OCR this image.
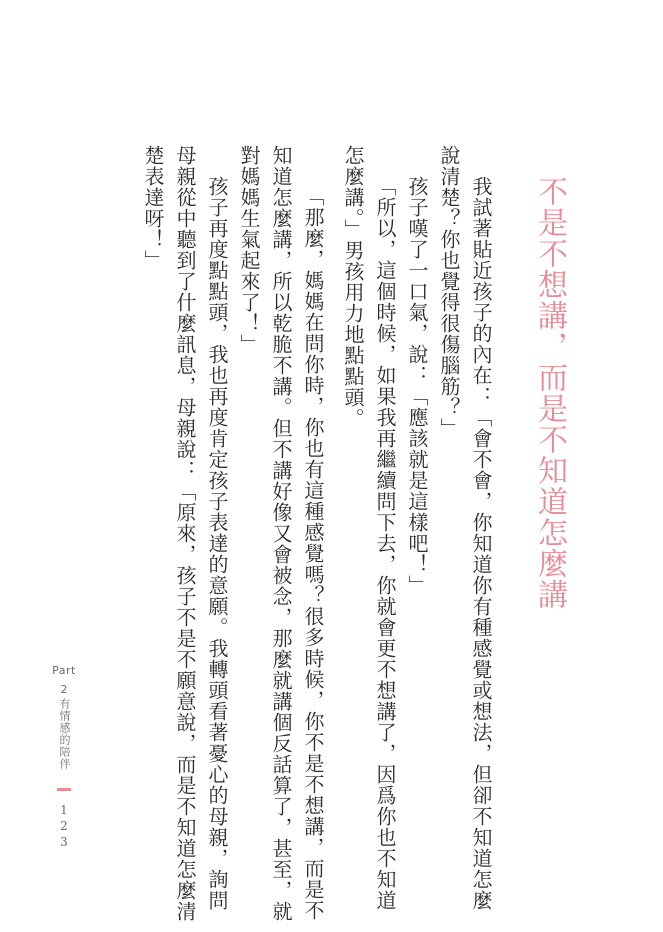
不是不想講，而是不知道怎麼講
我試著貼近孩子的內在：「會不會，你知道你有種感覺或想法，但卻不知道怎麼
說清楚？你也覺得很傷腦筋？」
孩子嘆了一口氣，說：「應該就是這樣吧！」
「所以，這個時候，如果我再繼續問下去，你就會更不想講了，因爲你也不知道
怎麼講。」男孩用力地點點頭。
「那麼，媽媽在問你時，你也有這種感覺嗎？很多時候，你不是不想講，而是不
知道怎麼講，所以乾脆不講。但不講好像又會被念，那麼就講個反話算了，甚至，就
對媽媽生氣起來了！」
孩子再度點點頭，我也再度肯定孩子表達的意願。我轉頭看著憂心的母親，詢問
母親從中聽到了什麼訊息，母親說：「原來，孩子不是不願意說，而是不知道怎麼清
楚表達呀！」
Part
2
有情感的陪伴
123
